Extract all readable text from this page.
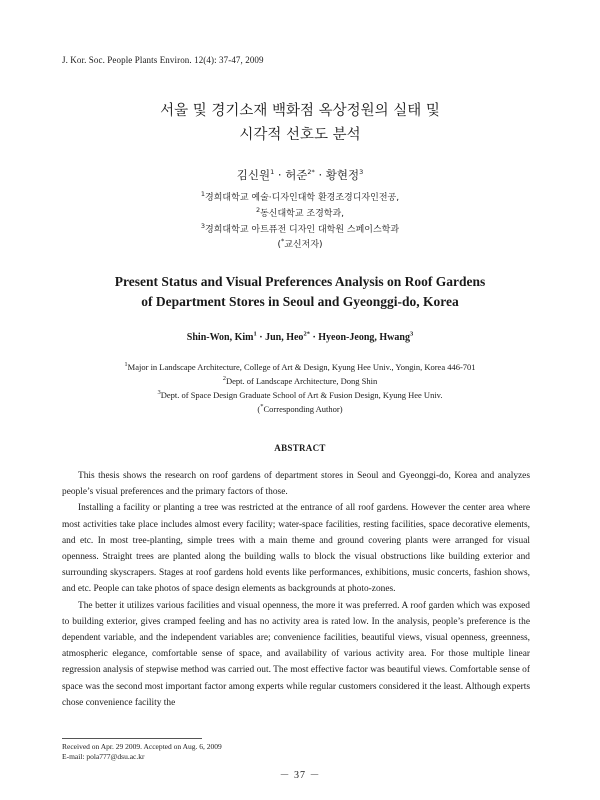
J. Kor. Soc. People Plants Environ. 12(4): 37-47, 2009
서울 및 경기소재 백화점 옥상정원의 실태 및
시각적 선호도 분석
김신원$^1$ · 허준$^{2*}$ · 황현정$^3$
$^1$경희대학교 예술·디자인대학 환경조경디자인전공,
$^2$동신대학교 조경학과,
$^3$경희대학교 아트퓨전 디자인 대학원 스페이스학과
(*교신저자)
Present Status and Visual Preferences Analysis on Roof Gardens
of Department Stores in Seoul and Gyeonggi-do, Korea
Shin-Won, Kim$^1$ · Jun, Heo$^{2*}$ · Hyeon-Jeong, Hwang$^3$
$^1$Major in Landscape Architecture, College of Art & Design, Kyung Hee Univ., Yongin, Korea 446-701
$^2$Dept. of Landscape Architecture, Dong Shin
$^3$Dept. of Space Design Graduate School of Art & Fusion Design, Kyung Hee Univ.
(*Corresponding Author)
ABSTRACT

This thesis shows the research on roof gardens of department stores in Seoul and Gyeonggi-do, Korea and analyzes people’s visual preferences and the primary factors of those.

Installing a facility or planting a tree was restricted at the entrance of all roof gardens. However the center area where most activities take place includes almost every facility; water-space facilities, resting facilities, space decorative elements, and etc. In most tree-planting, simple trees with a main theme and ground covering plants were arranged for visual openness. Straight trees are planted along the building walls to block the visual obstructions like building exterior and surrounding skyscrapers. Stages at roof gardens hold events like performances, exhibitions, music concerts, fashion shows, and etc. People can take photos of space design elements as backgrounds at photo-zones.

The better it utilizes various facilities and visual openness, the more it was preferred. A roof garden which was exposed to building exterior, gives cramped feeling and has no activity area is rated low. In the analysis, people’s preference is the dependent variable, and the independent variables are; convenience facilities, beautiful views, visual openness, greenness, atmospheric elegance, comfortable sense of space, and availability of various activity area. For those multiple linear regression analysis of stepwise method was carried out. The most effective factor was beautiful views. Comfortable sense of space was the second most important factor among experts while regular customers considered it the least. Although experts chose convenience facility the

Received on Apr. 29 2009. Accepted on Aug. 6, 2009
E-mail: pola777@dsu.ac.kr
－ 37 －
